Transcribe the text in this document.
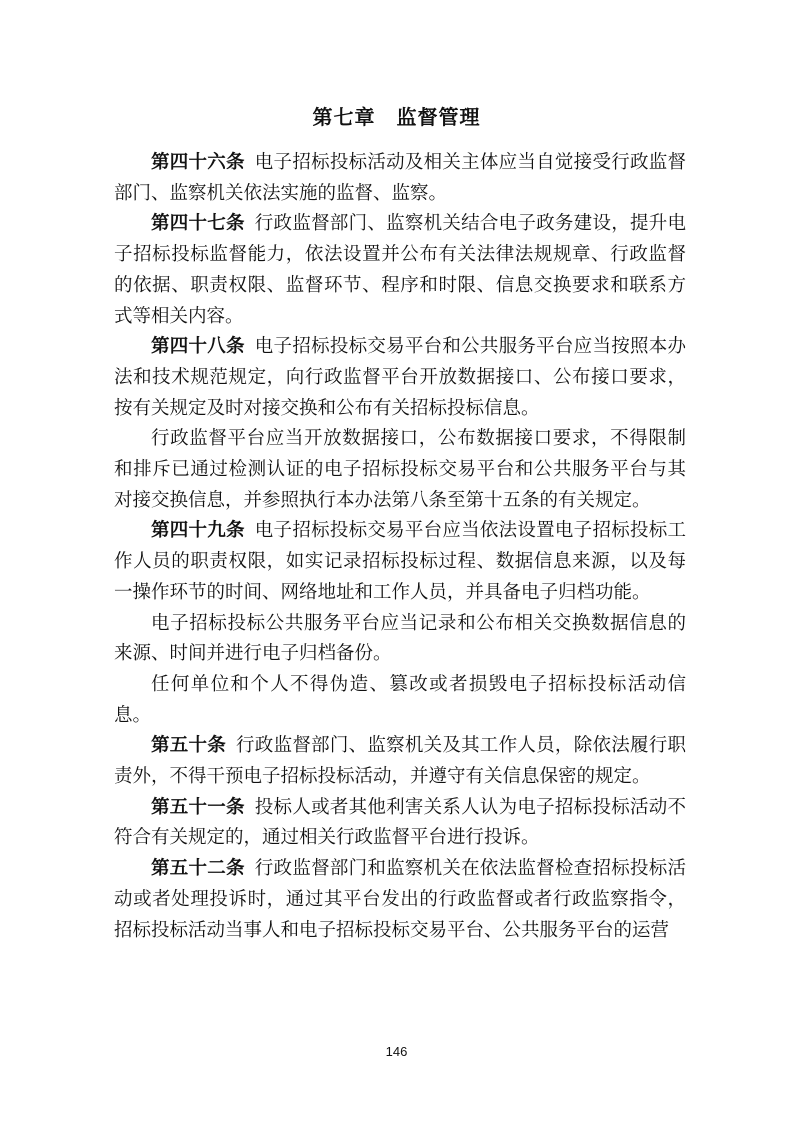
第七章　监督管理

第四十六条 电子招标投标活动及相关主体应当自觉接受行政监督部门、监察机关依法实施的监督、监察。

第四十七条 行政监督部门、监察机关结合电子政务建设，提升电子招标投标监督能力，依法设置并公布有关法律法规规章、行政监督的依据、职责权限、监督环节、程序和时限、信息交换要求和联系方式等相关内容。

第四十八条 电子招标投标交易平台和公共服务平台应当按照本办法和技术规范规定，向行政监督平台开放数据接口、公布接口要求，按有关规定及时对接交换和公布有关招标投标信息。

行政监督平台应当开放数据接口，公布数据接口要求，不得限制和排斥已通过检测认证的电子招标投标交易平台和公共服务平台与其对接交换信息，并参照执行本办法第八条至第十五条的有关规定。

第四十九条 电子招标投标交易平台应当依法设置电子招标投标工作人员的职责权限，如实记录招标投标过程、数据信息来源，以及每一操作环节的时间、网络地址和工作人员，并具备电子归档功能。

电子招标投标公共服务平台应当记录和公布相关交换数据信息的来源、时间并进行电子归档备份。

任何单位和个人不得伪造、篡改或者损毁电子招标投标活动信息。

第五十条 行政监督部门、监察机关及其工作人员，除依法履行职责外，不得干预电子招标投标活动，并遵守有关信息保密的规定。

第五十一条 投标人或者其他利害关系人认为电子招标投标活动不符合有关规定的，通过相关行政监督平台进行投诉。

第五十二条 行政监督部门和监察机关在依法监督检查招标投标活动或者处理投诉时，通过其平台发出的行政监督或者行政监察指令，招标投标活动当事人和电子招标投标交易平台、公共服务平台的运营

146
